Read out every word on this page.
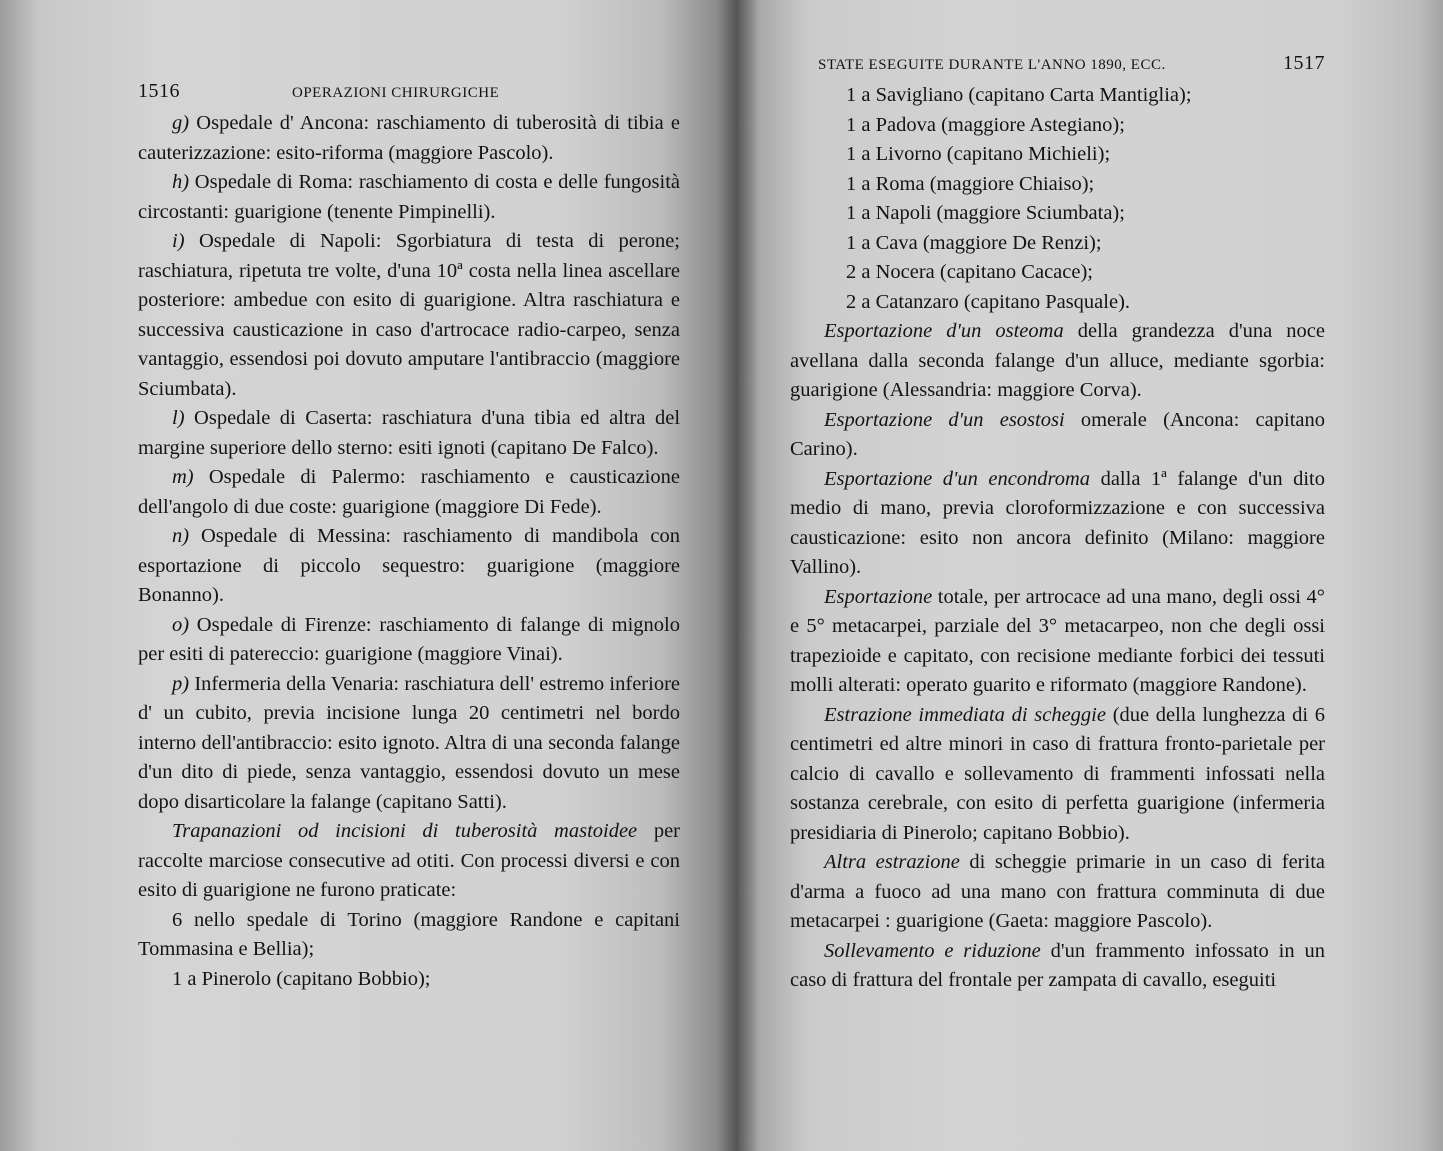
1516	OPERAZIONI CHIRURGICHE

g) Ospedale d' Ancona: raschiamento di tuberosità di tibia e cauterizzazione: esito-riforma (maggiore Pascolo).

h) Ospedale di Roma: raschiamento di costa e delle fungosità circostanti: guarigione (tenente Pimpinelli).

i) Ospedale di Napoli: Sgorbiatura di testa di perone; raschiatura, ripetuta tre volte, d'una 10ª costa nella linea ascellare posteriore: ambedue con esito di guarigione. Altra raschiatura e successiva causticazione in caso d'artrocace radio-carpeo, senza vantaggio, essendosi poi dovuto amputare l'antibraccio (maggiore Sciumbata).

l) Ospedale di Caserta: raschiatura d'una tibia ed altra del margine superiore dello sterno: esiti ignoti (capitano De Falco).

m) Ospedale di Palermo: raschiamento e causticazione dell'angolo di due coste: guarigione (maggiore Di Fede).

n) Ospedale di Messina: raschiamento di mandibola con esportazione di piccolo sequestro: guarigione (maggiore Bonanno).

o) Ospedale di Firenze: raschiamento di falange di mignolo per esiti di patereccio: guarigione (maggiore Vinai).

p) Infermeria della Venaria: raschiatura dell' estremo inferiore d' un cubito, previa incisione lunga 20 centimetri nel bordo interno dell'antibraccio: esito ignoto. Altra di una seconda falange d'un dito di piede, senza vantaggio, essendosi dovuto un mese dopo disarticolare la falange (capitano Satti).

Trapanazioni od incisioni di tuberosità mastoidee per raccolte marciose consecutive ad otiti. Con processi diversi e con esito di guarigione ne furono praticate:

6 nello spedale di Torino (maggiore Randone e capitani Tommasina e Bellia);

1 a Pinerolo (capitano Bobbio);

STATE ESEGUITE DURANTE L'ANNO 1890, ECC.	1517

1 a Savigliano (capitano Carta Mantiglia);

1 a Padova (maggiore Astegiano);

1 a Livorno (capitano Michieli);

1 a Roma (maggiore Chiaiso);

1 a Napoli (maggiore Sciumbata);

1 a Cava (maggiore De Renzi);

2 a Nocera (capitano Cacace);

2 a Catanzaro (capitano Pasquale).

Esportazione d'un osteoma della grandezza d'una noce avellana dalla seconda falange d'un alluce, mediante sgorbia: guarigione (Alessandria: maggiore Corva).

Esportazione d'un esostosi omerale (Ancona: capitano Carino).

Esportazione d'un encondroma dalla 1ª falange d'un dito medio di mano, previa cloroformizzazione e con successiva causticazione: esito non ancora definito (Milano: maggiore Vallino).

Esportazione totale, per artrocace ad una mano, degli ossi 4° e 5° metacarpei, parziale del 3° metacarpeo, non che degli ossi trapezioide e capitato, con recisione mediante forbici dei tessuti molli alterati: operato guarito e riformato (maggiore Randone).

Estrazione immediata di scheggie (due della lunghezza di 6 centimetri ed altre minori in caso di frattura fronto-parietale per calcio di cavallo e sollevamento di frammenti infossati nella sostanza cerebrale, con esito di perfetta guarigione (infermeria presidiaria di Pinerolo; capitano Bobbio).

Altra estrazione di scheggie primarie in un caso di ferita d'arma a fuoco ad una mano con frattura comminuta di due metacarpei : guarigione (Gaeta: maggiore Pascolo).

Sollevamento e riduzione d'un frammento infossato in un caso di frattura del frontale per zampata di cavallo, eseguiti
